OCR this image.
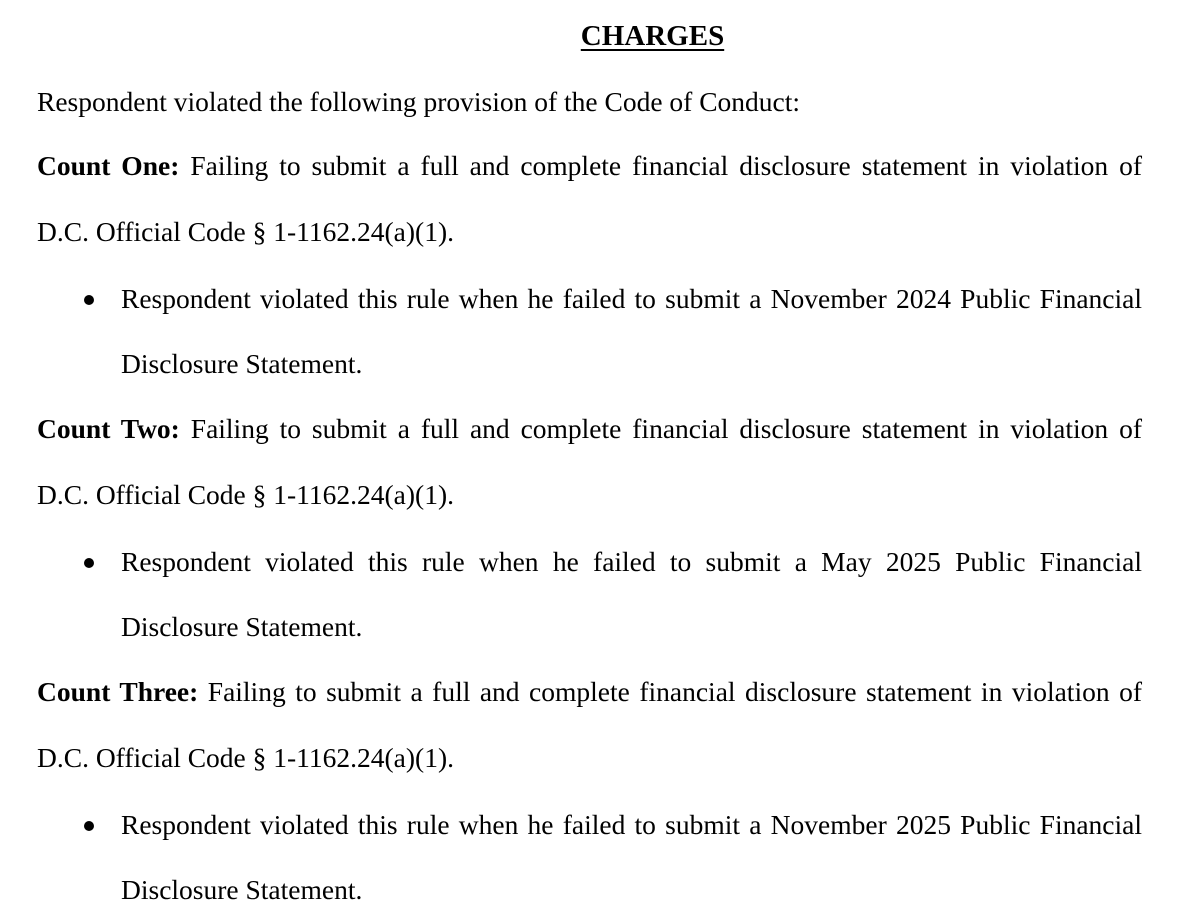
CHARGES
Respondent violated the following provision of the Code of Conduct:
Count One: Failing to submit a full and complete financial disclosure statement in violation of
D.C. Official Code § 1-1162.24(a)(1).
Respondent violated this rule when he failed to submit a November 2024 Public Financial
Disclosure Statement.
Count Two: Failing to submit a full and complete financial disclosure statement in violation of
D.C. Official Code § 1-1162.24(a)(1).
Respondent violated this rule when he failed to submit a May 2025 Public Financial
Disclosure Statement.
Count Three: Failing to submit a full and complete financial disclosure statement in violation of
D.C. Official Code § 1-1162.24(a)(1).
Respondent violated this rule when he failed to submit a November 2025 Public Financial
Disclosure Statement.
